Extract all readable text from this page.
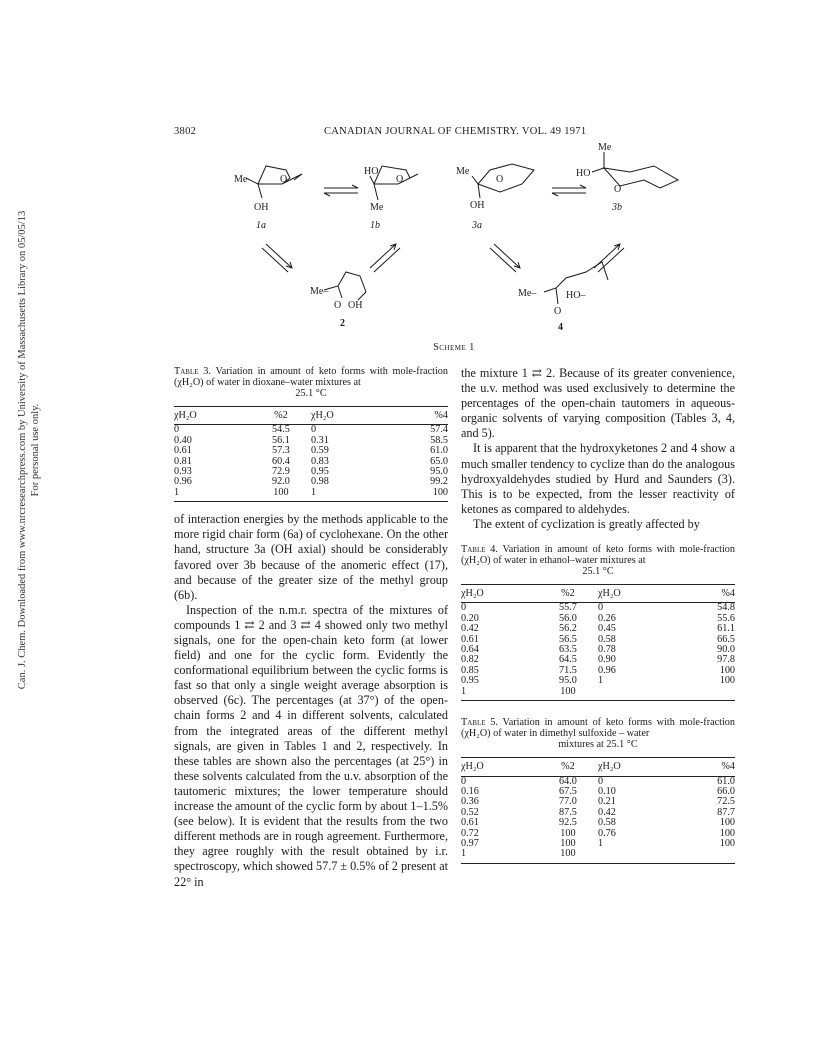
Can. J. Chem. Downloaded from www.nrcresearchpress.com by University of Massachusetts Library on 05/05/13 For personal use only.
3802	CANADIAN JOURNAL OF CHEMISTRY. VOL. 49 1971
Me	O
OH
HO
O
Me
Me
O
OH
Me
HO
O
Me–
O OH
Me–	HO–
O
1a	1b	3a
3b
2	4
Scheme 1

Table 3. Variation in amount of keto forms with mole-fraction (χH₂O) of water in dioxane–water mixtures at
25.1 °C

χH₂O	%2	χH₂O	%4
0	54.5	0	57.4
0.40	56.1	0.31	58.5
0.61	57.3	0.59	61.0
0.81	60.4	0.83	65.0
0.93	72.9	0.95	95.0
0.96	92.0	0.98	99.2
1	100	1	100

of interaction energies by the methods applicable to the more rigid chair form (6a) of cyclohexane. On the other hand, structure 3a (OH axial) should be considerably favored over 3b because of the anomeric effect (17), and because of the greater size of the methyl group (6b).

Inspection of the n.m.r. spectra of the mixtures of compounds 1 ⇄ 2 and 3 ⇄ 4 showed only two methyl signals, one for the open-chain keto form (at lower field) and one for the cyclic form. Evidently the conformational equilibrium between the cyclic forms is fast so that only a single weight average absorption is observed (6c). The percentages (at 37°) of the open-chain forms 2 and 4 in different solvents, calculated from the integrated areas of the different methyl signals, are given in Tables 1 and 2, respectively. In these tables are shown also the percentages (at 25°) in these solvents calculated from the u.v. absorption of the tautomeric mixtures; the lower temperature should increase the amount of the cyclic form by about 1–1.5% (see below). It is evident that the results from the two different methods are in rough agreement. Furthermore, they agree roughly with the result obtained by i.r. spectroscopy, which showed 57.7 ± 0.5% of 2 present at 22° in

the mixture 1 ⇄ 2. Because of its greater convenience, the u.v. method was used exclusively to determine the percentages of the open-chain tautomers in aqueous-organic solvents of varying composition (Tables 3, 4, and 5).

It is apparent that the hydroxyketones 2 and 4 show a much smaller tendency to cyclize than do the analogous hydroxyaldehydes studied by Hurd and Saunders (3). This is to be expected, from the lesser reactivity of ketones as compared to aldehydes.

The extent of cyclization is greatly affected by

Table 4. Variation in amount of keto forms with mole-fraction (χH₂O) of water in ethanol–water mixtures at
25.1 °C

χH₂O	%2	χH₂O	%4
0	55.7	0	54.8
0.20	56.0	0.26	55.6
0.42	56.2	0.45	61.1
0.61	56.5	0.58	66.5
0.64	63.5	0.78	90.0
0.82	64.5	0.90	97.8
0.85	71.5	0.96	100
0.95	95.0	1	100
1	100		

Table 5. Variation in amount of keto forms with mole-fraction (χH₂O) of water in dimethyl sulfoxide – water
mixtures at 25.1 °C

χH₂O	%2	χH₂O	%4
0	64.0	0	61.0
0.16	67.5	0.10	66.0
0.36	77.0	0.21	72.5
0.52	87.5	0.42	87.7
0.61	92.5	0.58	100
0.72	100	0.76	100
0.97	100	1	100
1	100		
